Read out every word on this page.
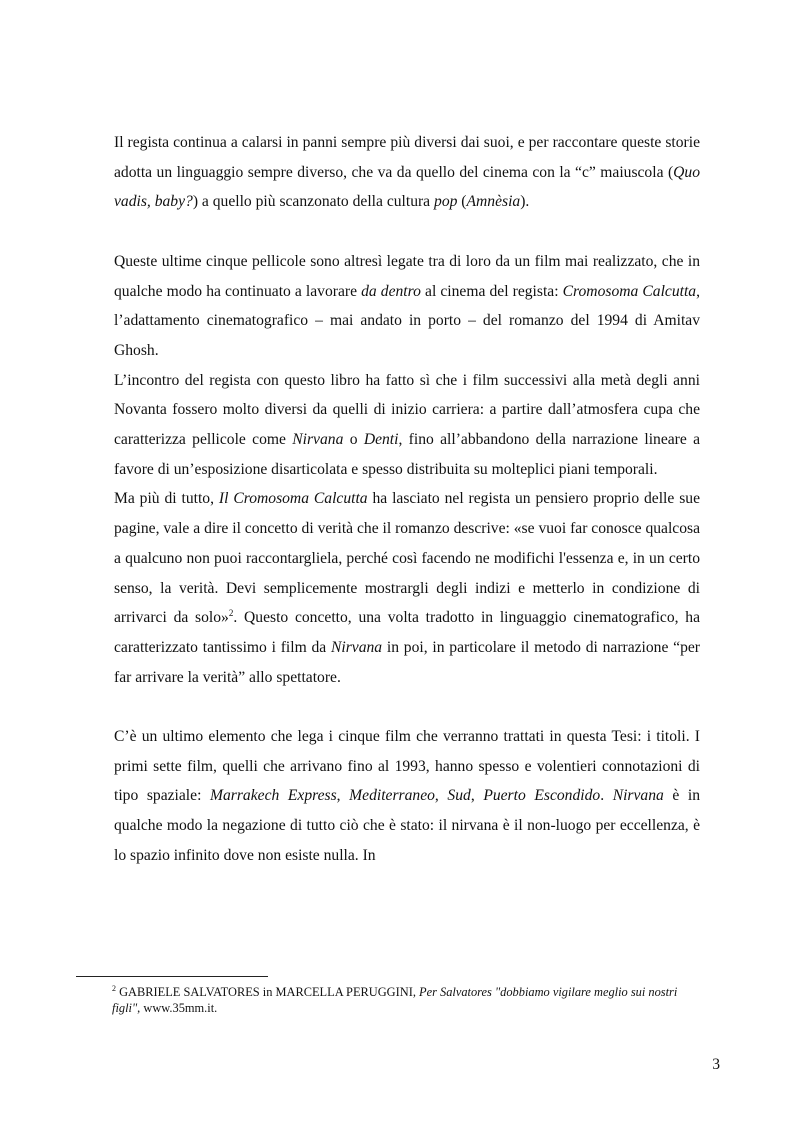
Il regista continua a calarsi in panni sempre più diversi dai suoi, e per raccontare queste storie adotta un linguaggio sempre diverso, che va da quello del cinema con la “c” maiuscola (Quo vadis, baby?) a quello più scanzonato della cultura pop (Amnèsia).

Queste ultime cinque pellicole sono altresì legate tra di loro da un film mai realizzato, che in qualche modo ha continuato a lavorare da dentro al cinema del regista: Cromosoma Calcutta, l’adattamento cinematografico – mai andato in porto – del romanzo del 1994 di Amitav Ghosh.

L’incontro del regista con questo libro ha fatto sì che i film successivi alla metà degli anni Novanta fossero molto diversi da quelli di inizio carriera: a partire dall’atmosfera cupa che caratterizza pellicole come Nirvana o Denti, fino all’abbandono della narrazione lineare a favore di un’esposizione disarticolata e spesso distribuita su molteplici piani temporali.

Ma più di tutto, Il Cromosoma Calcutta ha lasciato nel regista un pensiero proprio delle sue pagine, vale a dire il concetto di verità che il romanzo descrive: «se vuoi far conosce qualcosa a qualcuno non puoi raccontargliela, perché così facendo ne modifichi l'essenza e, in un certo senso, la verità. Devi semplicemente mostrargli degli indizi e metterlo in condizione di arrivarci da solo»$^2$. Questo concetto, una volta tradotto in linguaggio cinematografico, ha caratterizzato tantissimo i film da Nirvana in poi, in particolare il metodo di narrazione “per far arrivare la verità” allo spettatore.

C’è un ultimo elemento che lega i cinque film che verranno trattati in questa Tesi: i titoli. I primi sette film, quelli che arrivano fino al 1993, hanno spesso e volentieri connotazioni di tipo spaziale: Marrakech Express, Mediterraneo, Sud, Puerto Escondido. Nirvana è in qualche modo la negazione di tutto ciò che è stato: il nirvana è il non-luogo per eccellenza, è lo spazio infinito dove non esiste nulla. In

$^2$ GABRIELE SALVATORES in MARCELLA PERUGGINI, Per Salvatores "dobbiamo vigilare meglio sui nostri figli", www.35mm.it.

3
